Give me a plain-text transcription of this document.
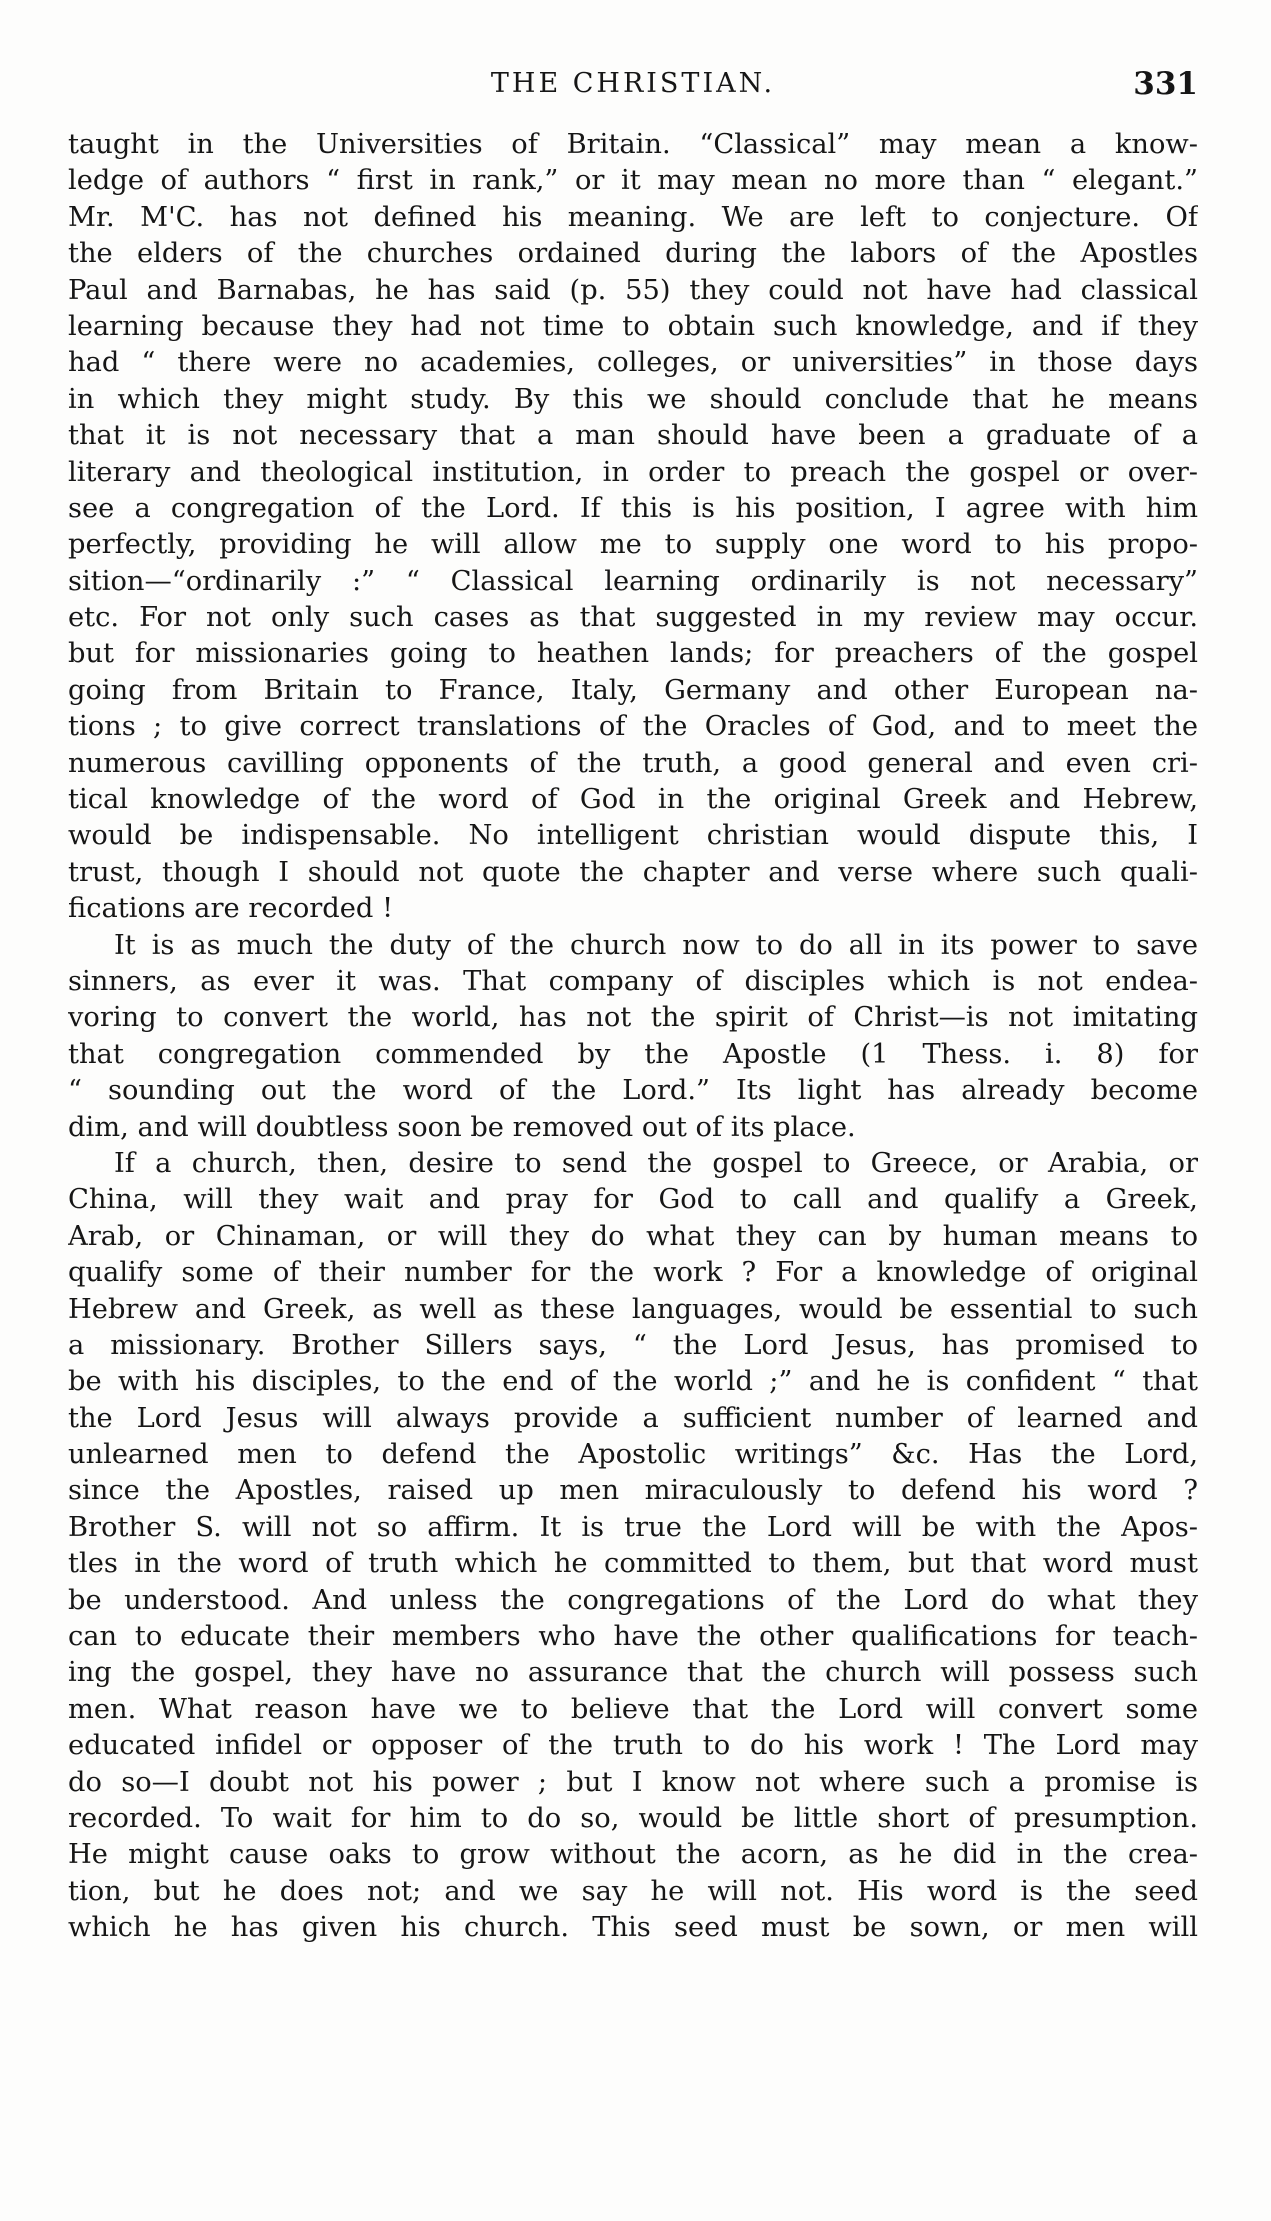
THE CHRISTIAN.	331
taught in the Universities of Britain. “Classical” may mean a know-
ledge of authors “ first in rank,” or it may mean no more than “ elegant.”
Mr. M'C. has not defined his meaning. We are left to conjecture. Of
the elders of the churches ordained during the labors of the Apostles
Paul and Barnabas, he has said (p. 55) they could not have had classical
learning because they had not time to obtain such knowledge, and if they
had “ there were no academies, colleges, or universities” in those days
in which they might study. By this we should conclude that he means
that it is not necessary that a man should have been a graduate of a
literary and theological institution, in order to preach the gospel or over-
see a congregation of the Lord. If this is his position, I agree with him
perfectly, providing he will allow me to supply one word to his propo-
sition—“ordinarily :” “ Classical learning ordinarily is not necessary”
etc. For not only such cases as that suggested in my review may occur.
but for missionaries going to heathen lands; for preachers of the gospel
going from Britain to France, Italy, Germany and other European na-
tions ; to give correct translations of the Oracles of God, and to meet the
numerous cavilling opponents of the truth, a good general and even cri-
tical knowledge of the word of God in the original Greek and Hebrew,
would be indispensable. No intelligent christian would dispute this, I
trust, though I should not quote the chapter and verse where such quali-
fications are recorded !
It is as much the duty of the church now to do all in its power to save
sinners, as ever it was. That company of disciples which is not endea-
voring to convert the world, has not the spirit of Christ—is not imitating
that congregation commended by the Apostle (1 Thess. i. 8) for
“ sounding out the word of the Lord.” Its light has already become
dim, and will doubtless soon be removed out of its place.
If a church, then, desire to send the gospel to Greece, or Arabia, or
China, will they wait and pray for God to call and qualify a Greek,
Arab, or Chinaman, or will they do what they can by human means to
qualify some of their number for the work ? For a knowledge of original
Hebrew and Greek, as well as these languages, would be essential to such
a missionary. Brother Sillers says, “ the Lord Jesus, has promised to
be with his disciples, to the end of the world ;” and he is confident “ that
the Lord Jesus will always provide a sufficient number of learned and
unlearned men to defend the Apostolic writings” &c. Has the Lord,
since the Apostles, raised up men miraculously to defend his word ?
Brother S. will not so affirm. It is true the Lord will be with the Apos-
tles in the word of truth which he committed to them, but that word must
be understood. And unless the congregations of the Lord do what they
can to educate their members who have the other qualifications for teach-
ing the gospel, they have no assurance that the church will possess such
men. What reason have we to believe that the Lord will convert some
educated infidel or opposer of the truth to do his work ! The Lord may
do so—I doubt not his power ; but I know not where such a promise is
recorded. To wait for him to do so, would be little short of presumption.
He might cause oaks to grow without the acorn, as he did in the crea-
tion, but he does not; and we say he will not. His word is the seed
which he has given his church. This seed must be sown, or men will
